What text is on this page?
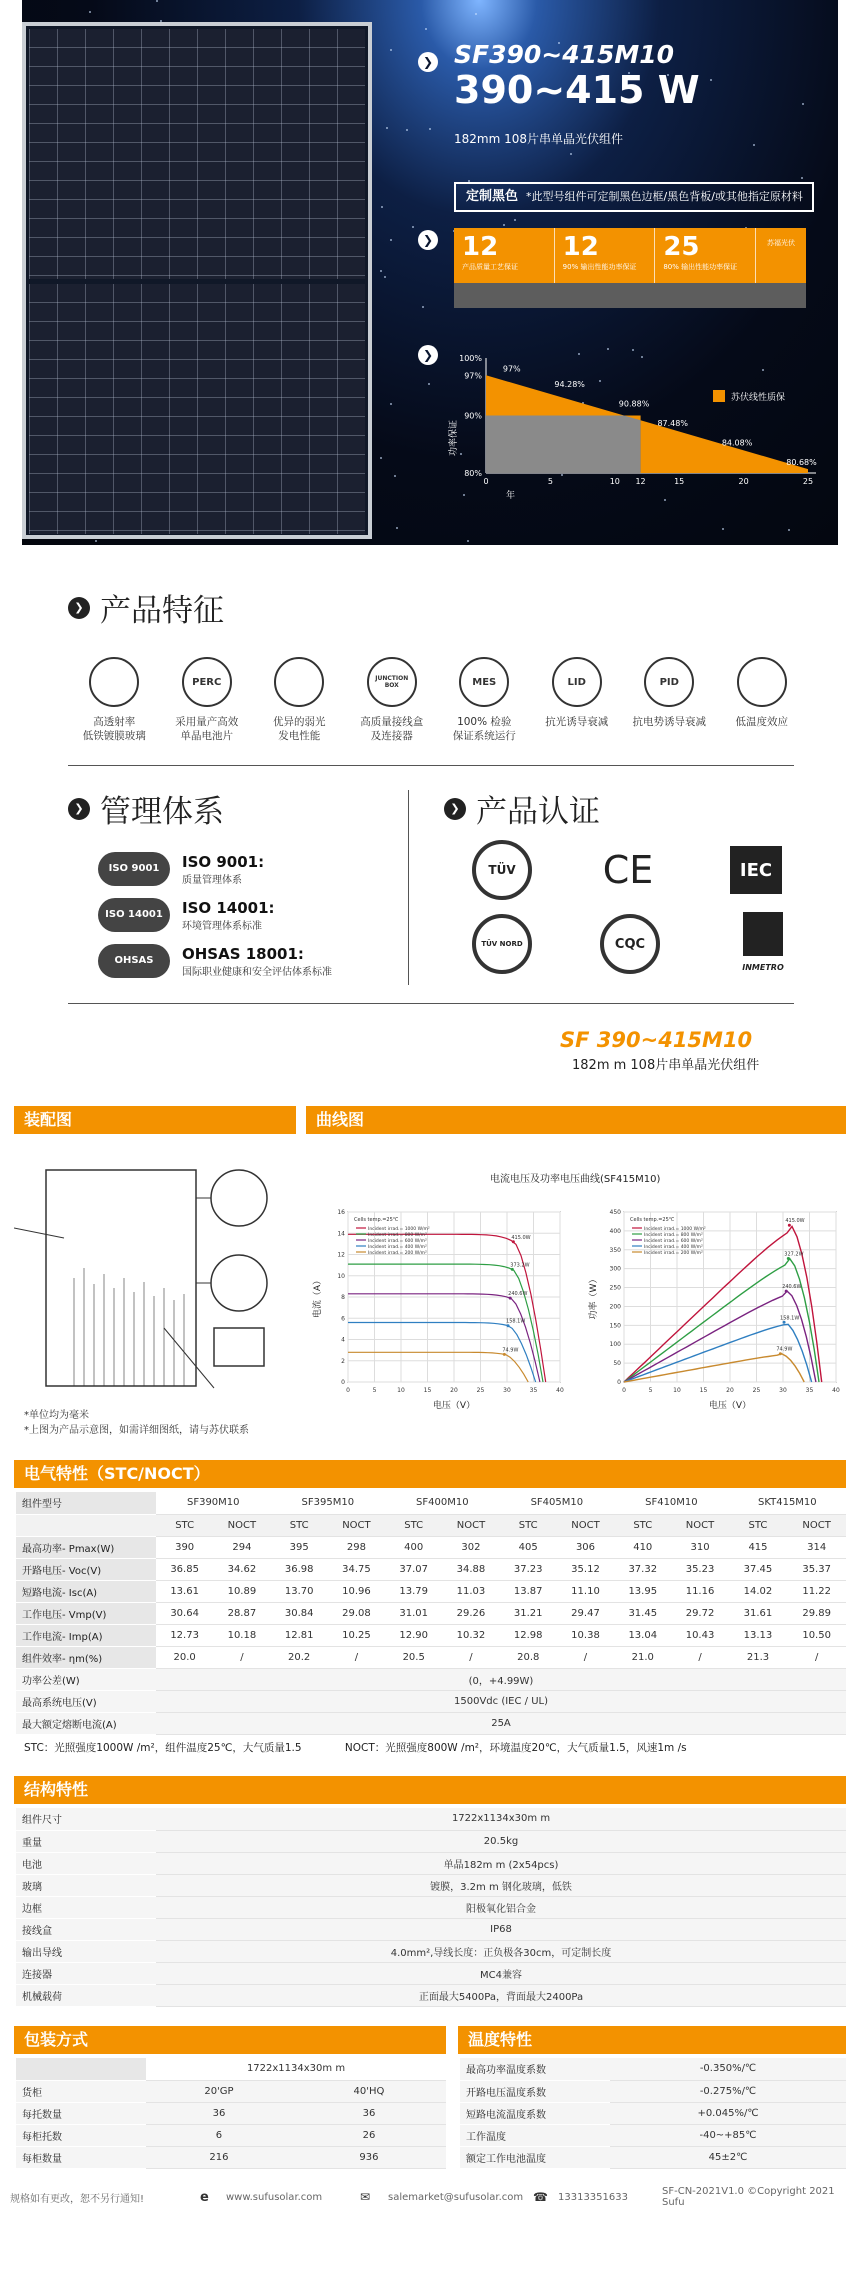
❯
❯
❯
SF390~415M10
390~415 W
182mm 108片串单晶光伏组件
定制黑色 *此型号组件可定制黑色边框/黑色背板/或其他指定原材料
12
产品质量工艺保证
12
90% 输出性能功率保证
25
80% 输出性能功率保证
苏福光伏
100%
97%
90%
80%
0	5	10 12	15	20	25
97%
94.28%
90.88%
87.48%
84.08%
80.68%
功率保证
年
苏伏线性质保
❯ 产品特征
高透射率
低铁镀膜玻璃
PERC
采用量产高效
单晶电池片
优异的弱光
发电性能
JUNCTION BOX
高质量接线盒
及连接器
MES
100% 检验
保证系统运行
LID
抗光诱导衰减
PID
抗电势诱导衰减	低温度效应
❯ 管理体系	❯ 产品认证
ISO 9001	ISO 9001:
质量管理体系
ISO 14001	ISO 14001:
环境管理体系标准
OHSAS 18001
OHSAS 18001:
国际职业健康和安全评估体系标准
TÜV	CE	IEC
TÜV NORD	CQC
INMETRO
SF 390~415M10
182m m 108片串单晶光伏组件
装配图	曲线图
*单位均为毫米
*上图为产品示意图，如需详细图纸，请与苏伏联系
电流电压及功率电压曲线(SF415M10)
0	5	10	15	20	25	30	35	40
0
2
4
6
8
10
12
14
16
电压（V）
电流（A）
Cells temp.=25℃
Incident irrad.= 1000 W/m²
415.0W
Incident irrad.= 800 W/m²
373.2W
Incident irrad.= 600 W/m²
240.6W
Incident irrad.= 400 W/m²
158.1W
Incident irrad.= 200 W/m²
74.9W
0	5	10	15	20	25	30	35	40
0
50
100
150
200
250
300
350
400
450
电压（V）
功率（W）
Cells temp.=25℃
Incident irrad.= 1000 W/m²
415.0W
Incident irrad.= 800 W/m²
327.2W
Incident irrad.= 600 W/m²
240.6W
Incident irrad.= 400 W/m²
158.1W
Incident irrad.= 200 W/m²
74.9W
电气特性（STC/NOCT）
组件型号	SF390M10		SF395M10		SF400M10		SF405M10		SF410M10		SKT415M10	
	STC	NOCT	STC	NOCT	STC	NOCT	STC	NOCT	STC	NOCT	STC	NOCT
最高功率- Pmax(W)	390	294	395	298	400	302	405	306	410	310	415	314
开路电压- Voc(V)	36.85	34.62	36.98	34.75	37.07	34.88	37.23	35.12	37.32	35.23	37.45	35.37
短路电流- Isc(A)	13.61	10.89	13.70	10.96	13.79	11.03	13.87	11.10	13.95	11.16	14.02	11.22
工作电压- Vmp(V)	30.64	28.87	30.84	29.08	31.01	29.26	31.21	29.47	31.45	29.72	31.61	29.89
工作电流- Imp(A)	12.73	10.18	12.81	10.25	12.90	10.32	12.98	10.38	13.04	10.43	13.13	10.50
组件效率- ηm(%)	20.0	/	20.2	/	20.5	/	20.8	/	21.0	/	21.3	/
功率公差(W)	(0，+4.99W)											
最高系统电压(V)	1500Vdc (IEC / UL)											
最大额定熔断电流(A)	25A											
STC：光照强度1000W /m²，组件温度25℃，大气质量1.5	NOCT：光照强度800W /m²，环境温度20℃，大气质量1.5，风速1m /s
结构特性
组件尺寸	1722x1134x30m m
重量	20.5kg
电池	单晶182m m (2x54pcs)
玻璃	镀膜，3.2m m 钢化玻璃，低铁
边框	阳极氧化铝合金
接线盒	IP68
输出导线	4.0mm²,导线长度：正负极各30cm，可定制长度
连接器	MC4兼容
机械载荷	正面最大5400Pa，背面最大2400Pa
包装方式	温度特性
	1722x1134x30m m	
货柜	20'GP	40'HQ
每托数量	36	36
每柜托数	6	26
每柜数量	216	936
最高功率温度系数	-0.350%/℃
开路电压温度系数	-0.275%/℃
短路电流温度系数	+0.045%/℃
工作温度	-40~+85℃
额定工作电池温度	45±2℃
规格如有更改，恕不另行通知!	e www.sufusolar.com	✉ salemarket@sufusolar.com ☎ 13313351633	SF-CN-2021V1.0 ©Copyright 2021 Sufu
